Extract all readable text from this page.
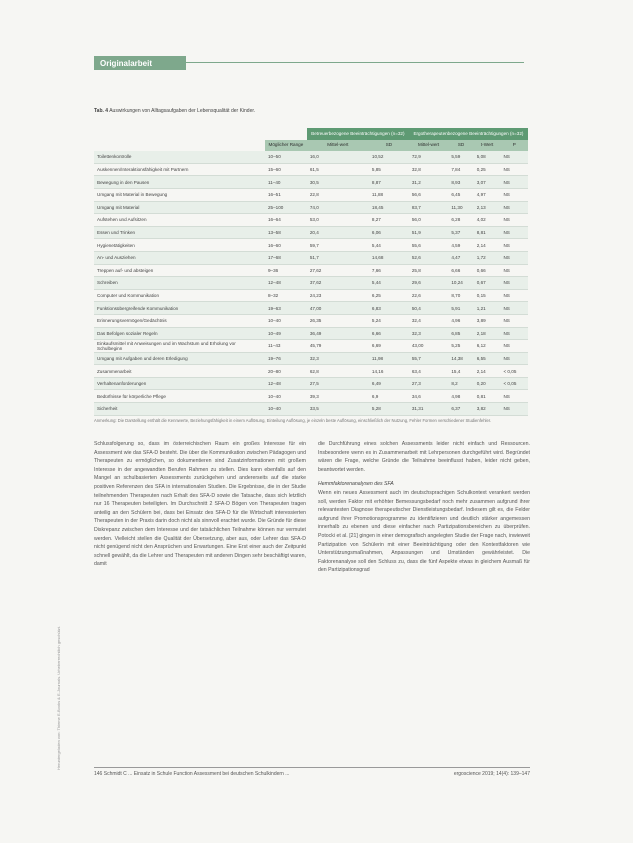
Heruntergeladen von: Thieme E-Books & E-Journals. Urheberrechtlich geschützt.
Originalarbeit
Tab. 4 Auswirkungen von Alltagsaufgaben der Lebensqualität der Kinder.
		Betreuerbezogene Beeinträchtigungen (n=32)		Ergotherapeutenbezogene Beeinträchtigungen (n=32)			
	Möglicher Range	Mittel-wert	SD	Mittel-wert	SD	t-Wert	P
Toilettenkontrolle	10–50	16,0	10,52	72,9	5,59	5,08	NS
Auskennen/Interaktionsfähigkeit mit Partnern	15–60	61,5	5,85	32,8	7,84	0,25	NS
Bewegung in den Pausen	11–40	30,5	8,87	31,2	8,93	3,07	NS
Umgang mit Material in Bewegung	16–51	22,8	11,88	56,6	6,45	4,97	NS
Umgang mit Material	25–100	74,0	18,45	83,7	11,30	2,13	NS
Aufstehen und Aufsitzen	16–64	53,0	8,27	56,0	6,28	4,02	NS
Essen und Trinken	13–58	20,4	6,06	51,9	5,37	8,81	NS
Hygienetätigkeiten	16–60	59,7	5,44	55,6	4,59	2,14	NS
An- und Ausziehen	17–68	51,7	14,68	52,6	4,47	1,72	NS
Treppen auf- und absteigen	9–36	27,62	7,66	25,8	6,66	0,66	NS
Schreiben	12–48	37,62	5,44	29,6	10,24	0,67	NS
Computer und Kommunikation	8–32	24,23	6,25	22,6	8,70	0,15	NS
Funktionsübergreifende Kommunikation	19–63	47,00	6,83	50,4	5,91	1,21	NS
Erinnerungsvermögen/Gedächtnis	10–40	26,35	5,24	32,4	4,96	3,89	NS
Das Befolgen sozialer Regeln	10–49	36,49	6,66	32,3	6,85	2,18	NS
Einkaufsmittel mit Anweisungen und im Wachstum und Erholung vor Schulbeginn	11–43	45,79	6,69	43,00	5,25	6,12	NS
Umgang mit Aufgaben und deren Erledigung	19–76	32,3	11,98	55,7	14,38	6,55	NS
Zusammenarbeit	20–80	62,8	14,16	63,4	15,4	2,14	< 0,05
Verhaltenanforderungen	12–48	27,5	6,49	27,3	8,2	0,20	< 0,05
Bedürfnisse für körperliche Pflege	10–40	39,3	6,9	34,6	4,98	0,81	NS
Sicherheit	10–40	33,5	5,28	31,31	6,37	3,82	NS
Anmerkung: Die Darstellung enthält die Kennwerte, Beziehungsfähigkeit in einem Auflösung, Einteilung Auflösung, je einzeln beste Auflösung, einschließlich der Nutzung, Fehler Formen verschiedener Studienfehler.

Schlussfolgerung so, dass im österreichischen Raum ein großes Interesse für ein Assessment wie das SFA-D besteht. Die über die Kommunikation zwischen Pädagogen und Therapeuten zu ermöglichen, so dokumentieren sind Zusatzinformationen mit großem Interesse in der angewandten Berufen Rahmen zu stellen. Dies kann ebenfalls auf den Mangel an schulbasierten Assessments zurückgehen und andererseits auf die starke positiven Referenzen des SFA in internationalen Studien. Die Ergebnisse, die in der Studie teilnehmenden Therapeuten nach Erhalt des SFA-D sowie die Tatsache, dass sich letztlich nur 16 Therapeuten beteiligten. Im Durchschnitt 2 SFA-D Bögen von Therapeuten tragen anteilig an den Schülern bei, dass bei Einsatz des SFA-D für die Wirtschaft interessierten Therapeuten in der Praxis darin doch nicht als sinnvoll erachtet wurde. Die Gründe für diese Diskrepanz zwischen dem Interesse und der tatsächlichen Teilnahme können nur vermutet werden. Vielleicht stellen die Qualität der Übersetzung, aber aus, oder Lehrer das SFA-D nicht genügend nicht den Ansprüchen und Erwartungen. Eine Erst einer auch der Zeitpunkt schnell gewählt, da die Lehrer und Therapeuten mit anderen Dingen sehr beschäftigt waren, damit

die Durchführung eines solchen Assessments leider nicht einfach und Ressourcen. Insbesondere wenn es in Zusammenarbeit mit Lehrpersonen durchgeführt wird. Begründet wären die Frage, welche Gründe die Teilnahme beeinflusst haben, leider nicht geben, beantwortet werden.

Hemmfaktorenanalysen des SFA

Wenn ein neues Assessment auch im deutschsprachigen Schulkontext verankert werden soll, werden Faktor mit erhöhter Bemessungsbedarf noch mehr zusammen aufgrund ihrer relevantesten Diagnose therapeutischer Dienstleistungsbedarf. Indiesem gilt es, die Felder aufgrund ihrer Promotionsprogramme zu identifizieren und deutlich stärker angemessen innerhalb zu ebenen und diese einfacher nach Partizipationsbereichen zu überprüfen. Potocki et al. [21] gingen in einer demografisch angelegten Studie der Frage nach, inwieweit Partizipation von Schülerin mit einer Beeinträchtigung oder den Kontextfaktoren wie Unterstützungsmaßnahmen, Anpassungen und Umständen gewährleistet. Die Faktorenanalyse soll den Schluss zu, dass die fünf Aspekte etwas in gleichem Ausmaß für den Partizipationsgrad

146 Schmidt C ... Einsatz in Schule Function Assessment bei deutschen Schulkindern ...	ergoscience 2019; 14(4): 139–147
